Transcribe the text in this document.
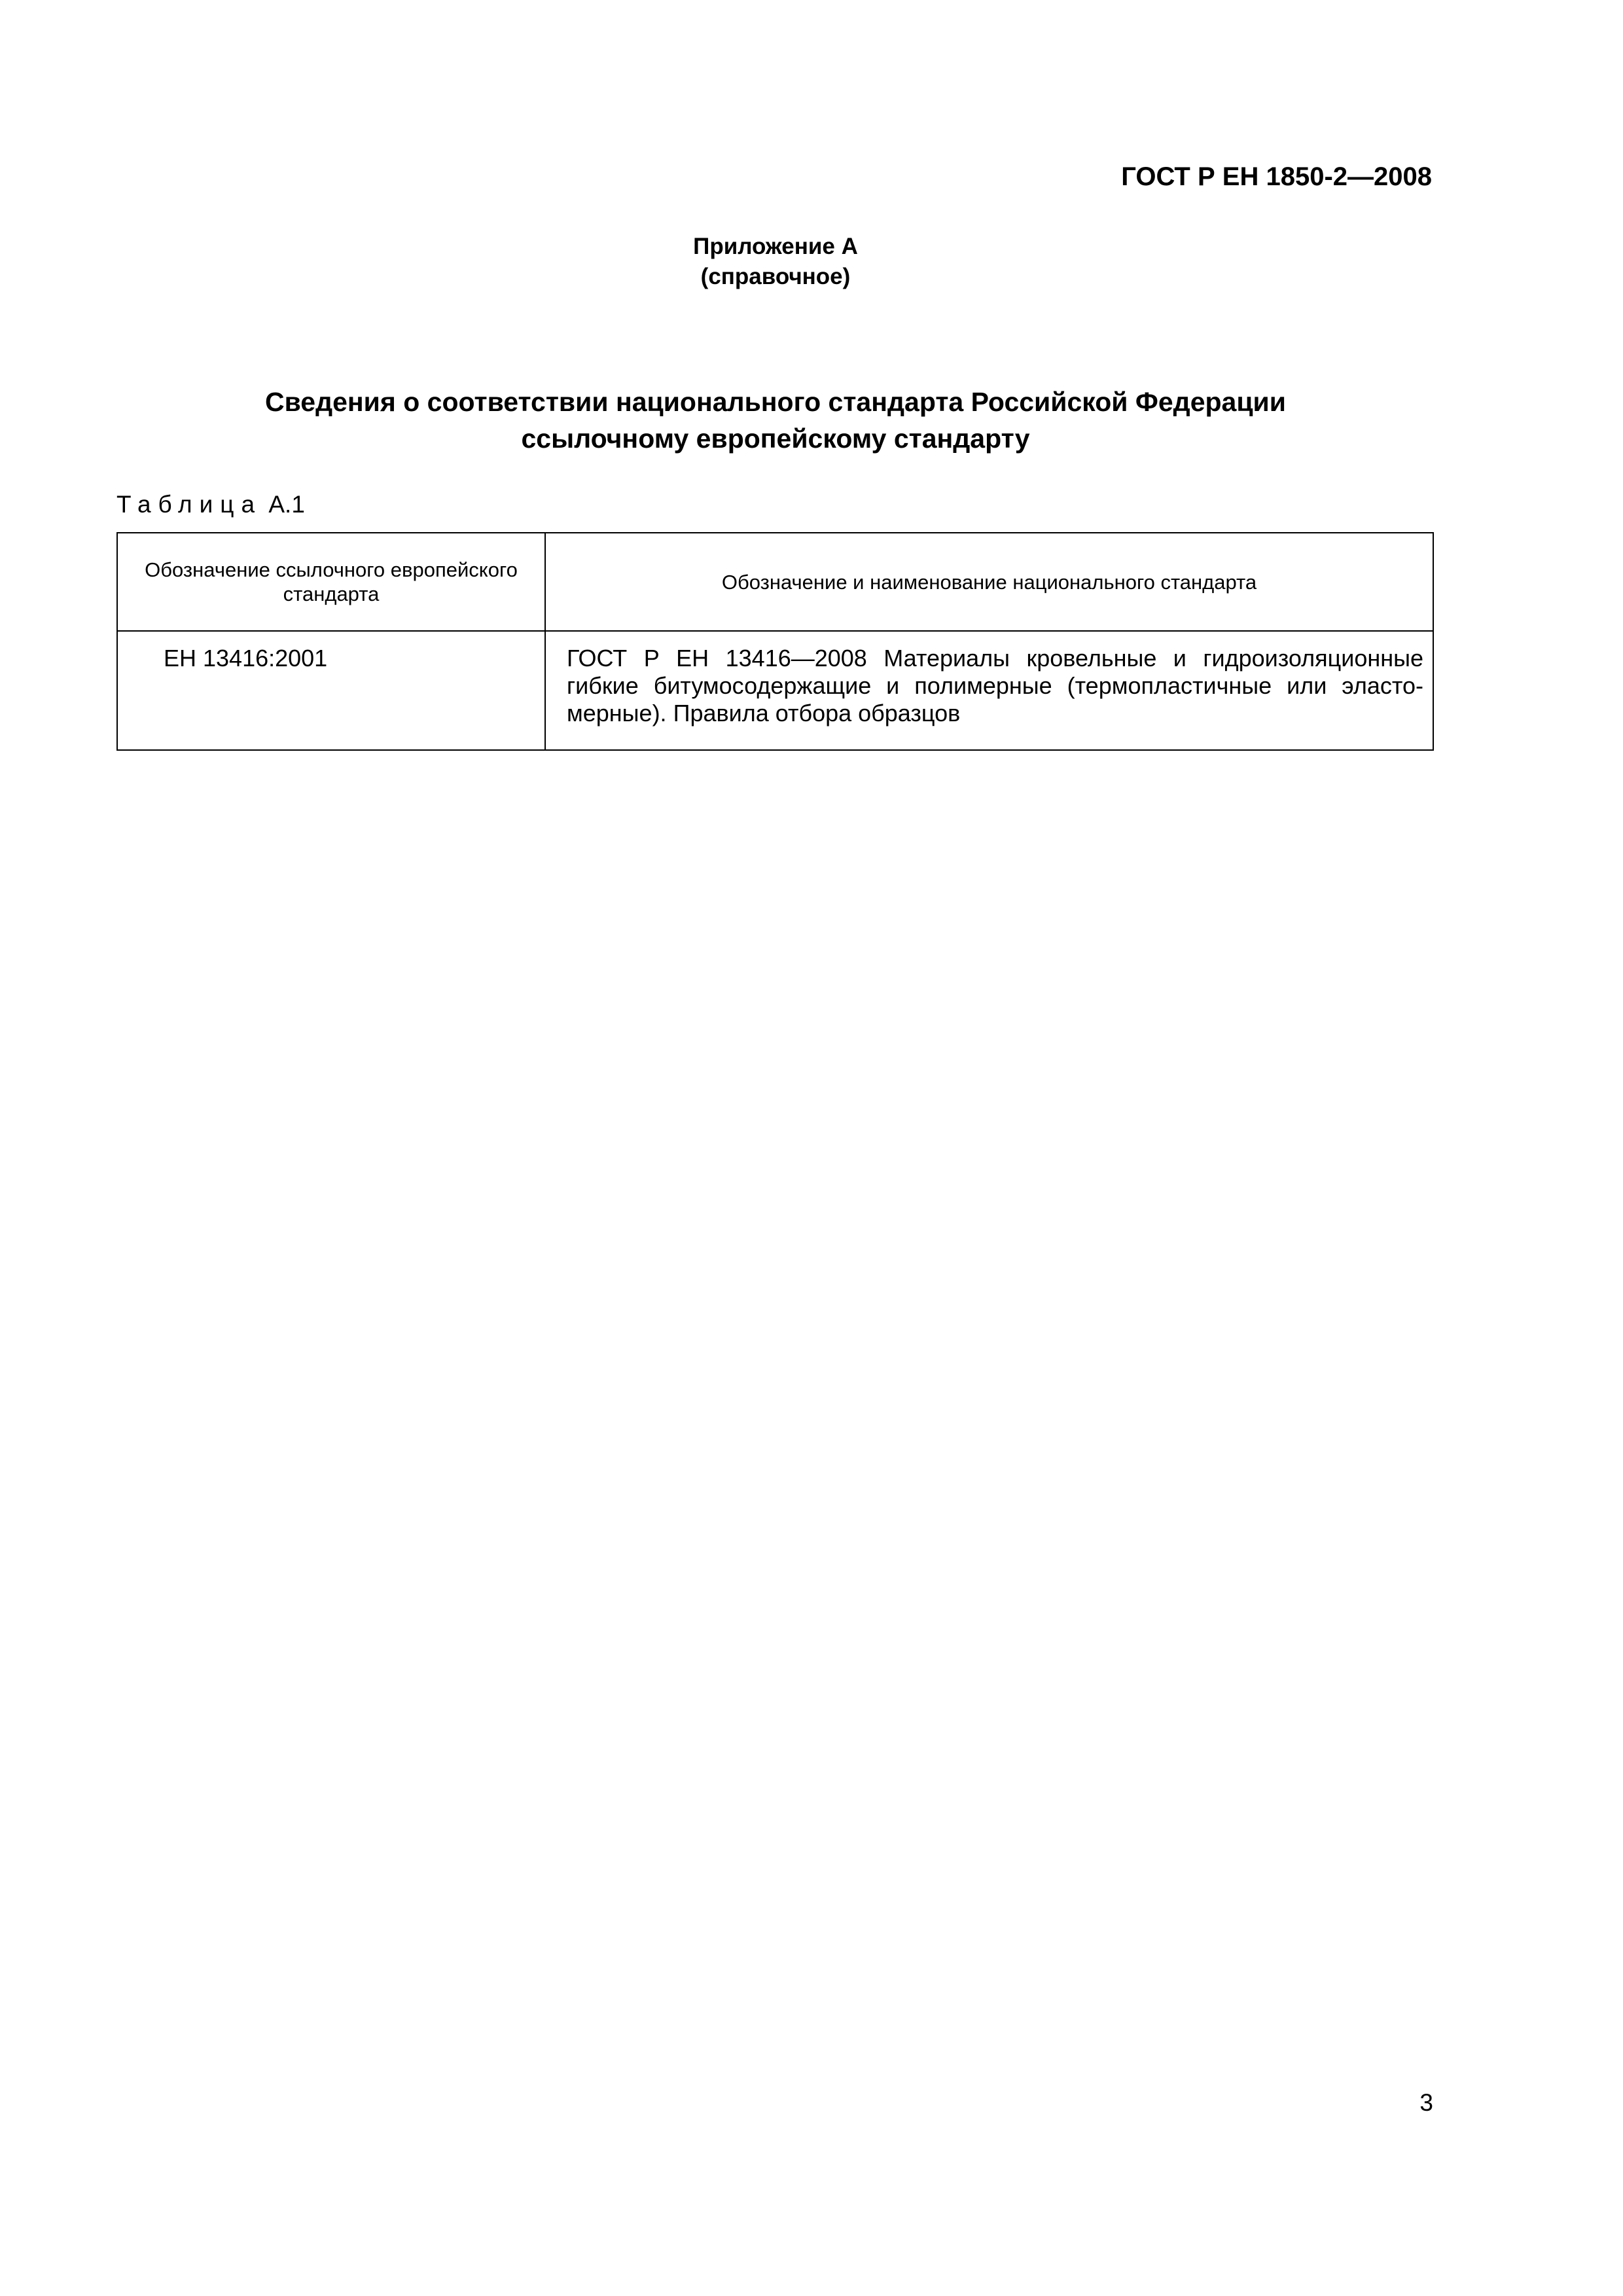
ГОСТ Р ЕН 1850-2—2008
Приложение А
(справочное)
Сведения о соответствии национального стандарта Российской Федерации
ссылочному европейскому стандарту
Таблица А.1
Обозначение ссылочного европейского стандарта	Обозначение и наименование национального стандарта
ЕН 13416:2001	ГОСТ Р ЕН 13416—2008 Материалы кровельные и гидроизоляционные гибкие битумосодержащие и полимерные (термопластичные или эластомерные). Правила отбора образцов
3
